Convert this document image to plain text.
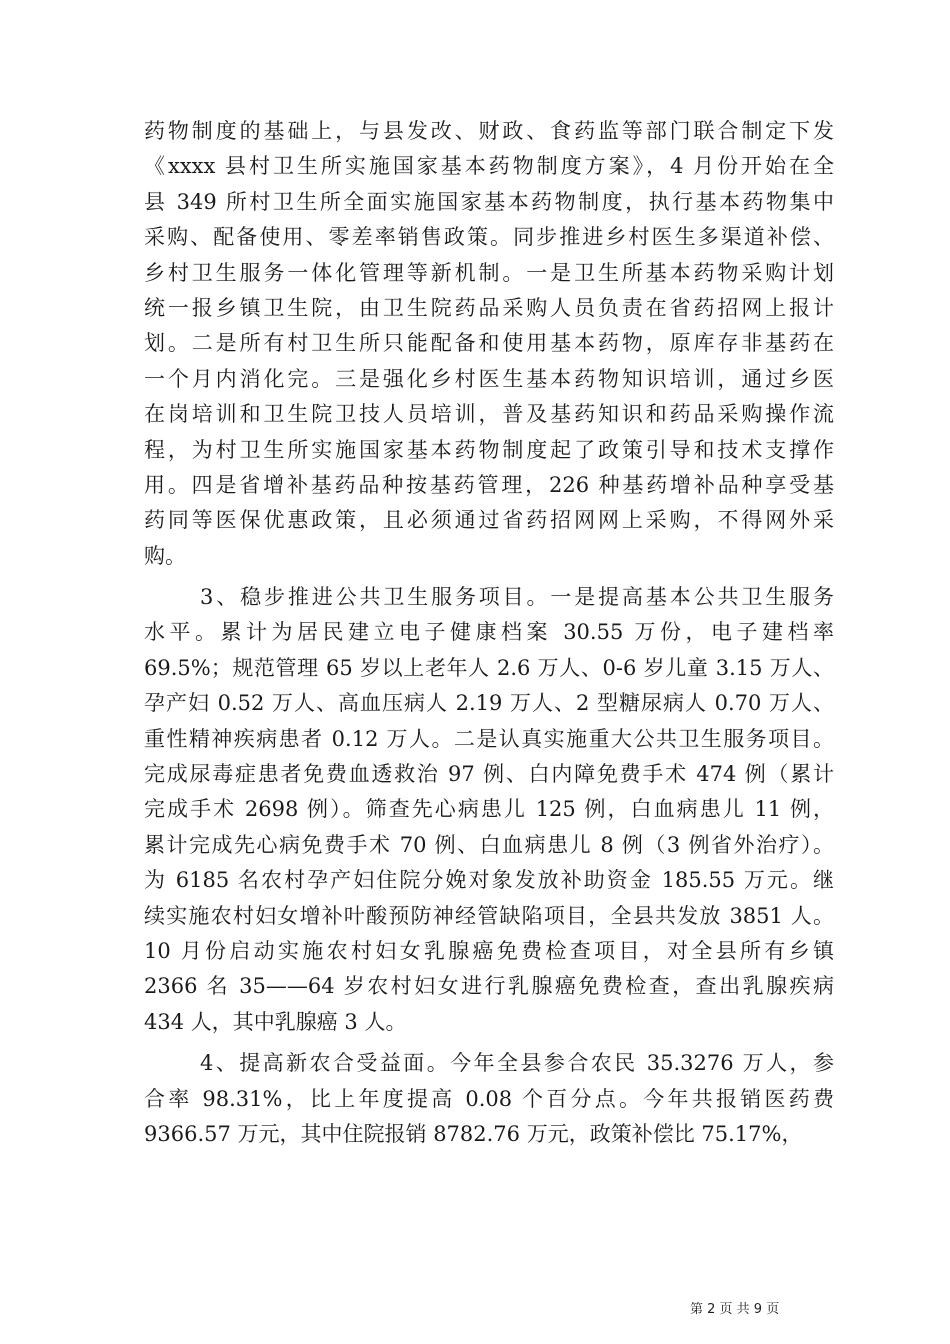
药物制度的基础上，与县发改、财政、食药监等部门联合制定下发
《xxxx 县村卫生所实施国家基本药物制度方案》，4 月份开始在全
县 349 所村卫生所全面实施国家基本药物制度，执行基本药物集中
采购、配备使用、零差率销售政策。同步推进乡村医生多渠道补偿、
乡村卫生服务一体化管理等新机制。一是卫生所基本药物采购计划
统一报乡镇卫生院，由卫生院药品采购人员负责在省药招网上报计
划。二是所有村卫生所只能配备和使用基本药物，原库存非基药在
一个月内消化完。三是强化乡村医生基本药物知识培训，通过乡医
在岗培训和卫生院卫技人员培训，普及基药知识和药品采购操作流
程，为村卫生所实施国家基本药物制度起了政策引导和技术支撑作
用。四是省增补基药品种按基药管理，226 种基药增补品种享受基
药同等医保优惠政策，且必须通过省药招网网上采购，不得网外采
购。
3、稳步推进公共卫生服务项目。一是提高基本公共卫生服务
水平。累计为居民建立电子健康档案 30.55 万份，电子建档率
69.5%；规范管理 65 岁以上老年人 2.6 万人、0-6 岁儿童 3.15 万人、
孕产妇 0.52 万人、高血压病人 2.19 万人、2 型糖尿病人 0.70 万人、
重性精神疾病患者 0.12 万人。二是认真实施重大公共卫生服务项目。
完成尿毒症患者免费血透救治 97 例、白内障免费手术 474 例（累计
完成手术 2698 例）。筛查先心病患儿 125 例，白血病患儿 11 例，
累计完成先心病免费手术 70 例、白血病患儿 8 例（3 例省外治疗）。
为 6185 名农村孕产妇住院分娩对象发放补助资金 185.55 万元。继
续实施农村妇女增补叶酸预防神经管缺陷项目，全县共发放 3851 人。
10 月份启动实施农村妇女乳腺癌免费检查项目，对全县所有乡镇
2366 名 35——64 岁农村妇女进行乳腺癌免费检查，查出乳腺疾病
434 人，其中乳腺癌 3 人。
4、提高新农合受益面。今年全县参合农民 35.3276 万人，参
合率 98.31%，比上年度提高 0.08 个百分点。今年共报销医药费
9366.57 万元，其中住院报销 8782.76 万元，政策补偿比 75.17%，
第 2 页 共 9 页
